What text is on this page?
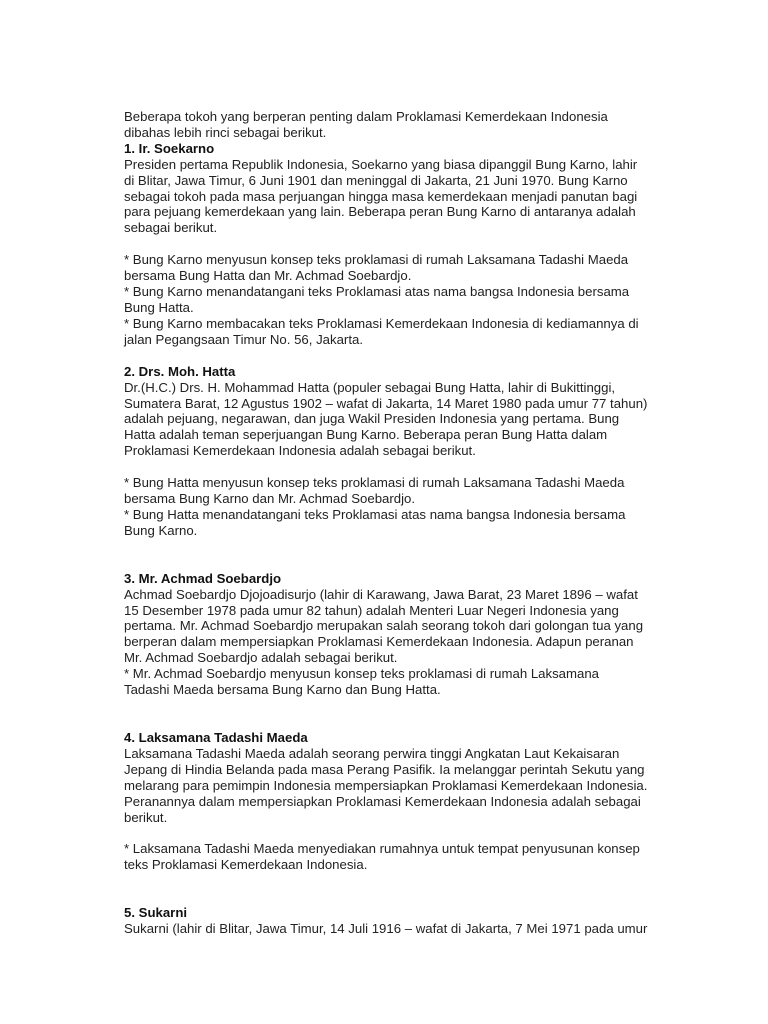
Beberapa tokoh yang berperan penting dalam Proklamasi Kemerdekaan Indonesia
dibahas lebih rinci sebagai berikut.
1. Ir. Soekarno
Presiden pertama Republik Indonesia, Soekarno yang biasa dipanggil Bung Karno, lahir
di Blitar, Jawa Timur, 6 Juni 1901 dan meninggal di Jakarta, 21 Juni 1970. Bung Karno
sebagai tokoh pada masa perjuangan hingga masa kemerdekaan menjadi panutan bagi
para pejuang kemerdekaan yang lain. Beberapa peran Bung Karno di antaranya adalah
sebagai berikut.
* Bung Karno menyusun konsep teks proklamasi di rumah Laksamana Tadashi Maeda
bersama Bung Hatta dan Mr. Achmad Soebardjo.
* Bung Karno menandatangani teks Proklamasi atas nama bangsa Indonesia bersama
Bung Hatta.
* Bung Karno membacakan teks Proklamasi Kemerdekaan Indonesia di kediamannya di
jalan Pegangsaan Timur No. 56, Jakarta.
2. Drs. Moh. Hatta
Dr.(H.C.) Drs. H. Mohammad Hatta (populer sebagai Bung Hatta, lahir di Bukittinggi,
Sumatera Barat, 12 Agustus 1902 – wafat di Jakarta, 14 Maret 1980 pada umur 77 tahun)
adalah pejuang, negarawan, dan juga Wakil Presiden Indonesia yang pertama. Bung
Hatta adalah teman seperjuangan Bung Karno. Beberapa peran Bung Hatta dalam
Proklamasi Kemerdekaan Indonesia adalah sebagai berikut.
* Bung Hatta menyusun konsep teks proklamasi di rumah Laksamana Tadashi Maeda
bersama Bung Karno dan Mr. Achmad Soebardjo.
* Bung Hatta menandatangani teks Proklamasi atas nama bangsa Indonesia bersama
Bung Karno.
3. Mr. Achmad Soebardjo
Achmad Soebardjo Djojoadisurjo (lahir di Karawang, Jawa Barat, 23 Maret 1896 – wafat
15 Desember 1978 pada umur 82 tahun) adalah Menteri Luar Negeri Indonesia yang
pertama. Mr. Achmad Soebardjo merupakan salah seorang tokoh dari golongan tua yang
berperan dalam mempersiapkan Proklamasi Kemerdekaan Indonesia. Adapun peranan
Mr. Achmad Soebardjo adalah sebagai berikut.
* Mr. Achmad Soebardjo menyusun konsep teks proklamasi di rumah Laksamana
Tadashi Maeda bersama Bung Karno dan Bung Hatta.
4. Laksamana Tadashi Maeda
Laksamana Tadashi Maeda adalah seorang perwira tinggi Angkatan Laut Kekaisaran
Jepang di Hindia Belanda pada masa Perang Pasifik. Ia melanggar perintah Sekutu yang
melarang para pemimpin Indonesia mempersiapkan Proklamasi Kemerdekaan Indonesia.
Peranannya dalam mempersiapkan Proklamasi Kemerdekaan Indonesia adalah sebagai
berikut.
* Laksamana Tadashi Maeda menyediakan rumahnya untuk tempat penyusunan konsep
teks Proklamasi Kemerdekaan Indonesia.
5. Sukarni
Sukarni (lahir di Blitar, Jawa Timur, 14 Juli 1916 – wafat di Jakarta, 7 Mei 1971 pada umur
